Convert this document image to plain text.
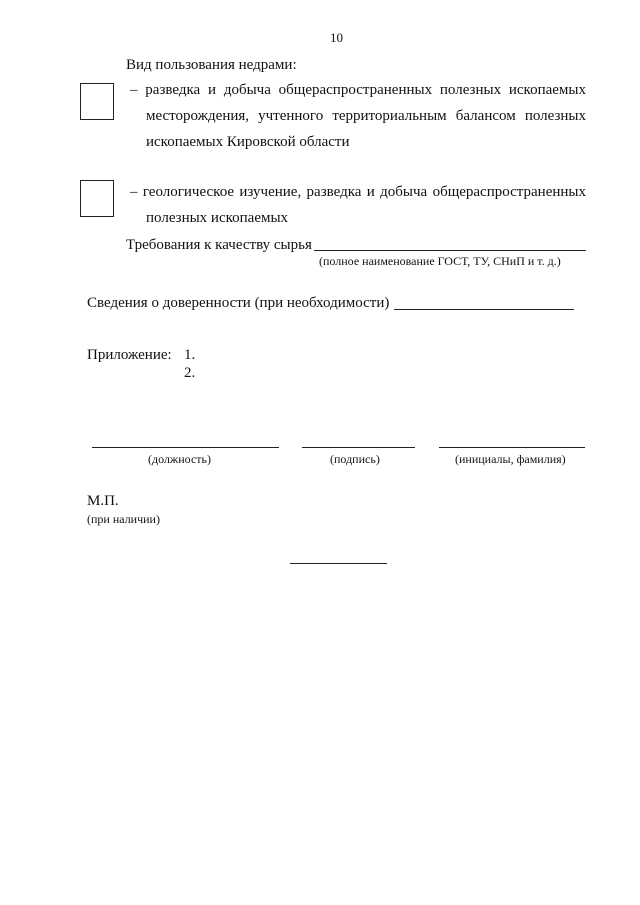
10
Вид пользования недрами:
– разведка и добыча общераспространенных полезных ископаемых
месторождения, учтенного территориальным балансом полезных
ископаемых Кировской области
– геологическое изучение, разведка и добыча общераспространенных
полезных ископаемых
Требования к качеству сырья
(полное наименование ГОСТ, ТУ, СНиП и т. д.)
Сведения о доверенности (при необходимости)
Приложение: 1.
2.
(должность)	(подпись)	(инициалы, фамилия)
М.П.
(при наличии)
